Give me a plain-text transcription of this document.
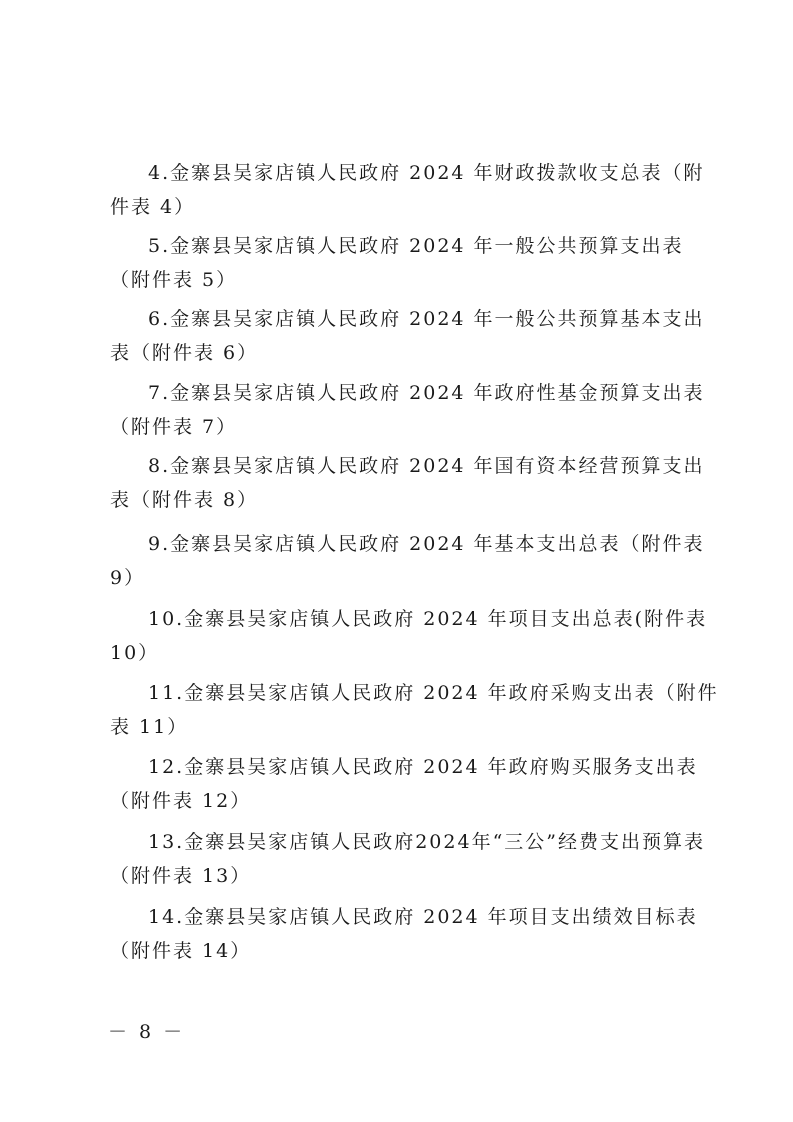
4.金寨县吴家店镇人民政府 2024 年财政拨款收支总表（附
件表 4）
5.金寨县吴家店镇人民政府 2024 年一般公共预算支出表
（附件表 5）
6.金寨县吴家店镇人民政府 2024 年一般公共预算基本支出
表（附件表 6）
7.金寨县吴家店镇人民政府 2024 年政府性基金预算支出表
（附件表 7）
8.金寨县吴家店镇人民政府 2024 年国有资本经营预算支出
表（附件表 8）
9.金寨县吴家店镇人民政府 2024 年基本支出总表（附件表
9）
10.金寨县吴家店镇人民政府 2024 年项目支出总表(附件表
10）
11.金寨县吴家店镇人民政府 2024 年政府采购支出表（附件
表 11）
12.金寨县吴家店镇人民政府 2024 年政府购买服务支出表
（附件表 12）
13.金寨县吴家店镇人民政府2024年“三公”经费支出预算表
（附件表 13）
14.金寨县吴家店镇人民政府 2024 年项目支出绩效目标表
（附件表 14）
－ 8 －
